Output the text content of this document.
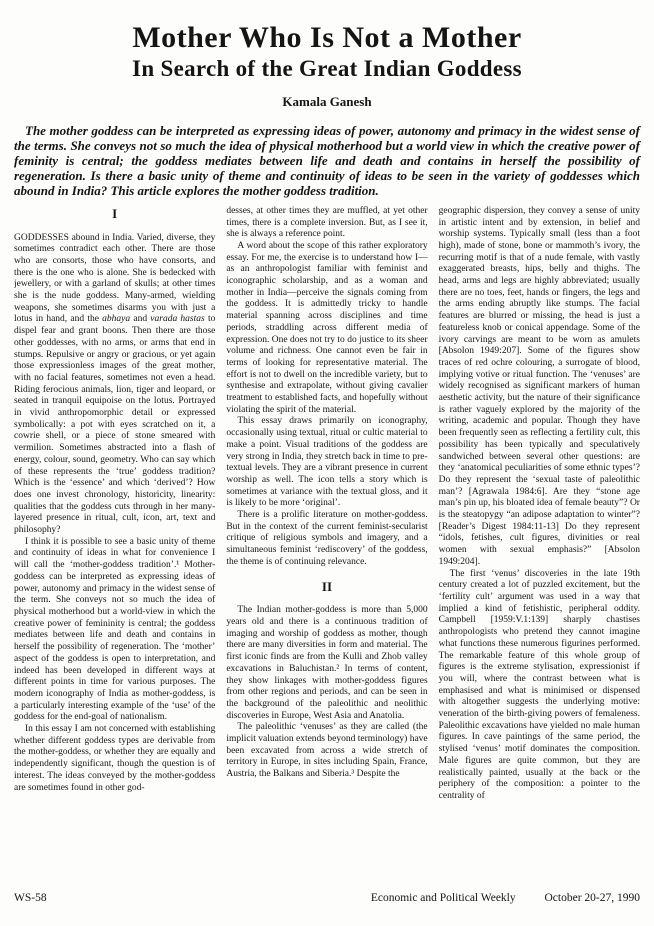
Mother Who Is Not a Mother
In Search of the Great Indian Goddess
Kamala Ganesh

The mother goddess can be interpreted as expressing ideas of power, autonomy and primacy in the widest sense of the terms. She conveys not so much the idea of physical motherhood but a world view in which the creative power of feminity is central; the goddess mediates between life and death and contains in herself the possibility of regeneration. Is there a basic unity of theme and continuity of ideas to be seen in the variety of goddesses which abound in India? This article explores the mother goddess tradition.

I

GODDESSES abound in India. Varied, diverse, they sometimes contradict each other. There are those who are consorts, those who have consorts, and there is the one who is alone. She is bedecked with jewellery, or with a garland of skulls; at other times she is the nude goddess. Many-armed, wielding weapons, she sometimes disarms you with just a lotus in hand, and the abhaya and varada hastas to dispel fear and grant boons. Then there are those other goddesses, with no arms, or arms that end in stumps. Repulsive or angry or gracious, or yet again those expressionless images of the great mother, with no facial features, sometimes not even a head. Riding ferocious animals, lion, tiger and leopard, or seated in tranquil equipoise on the lotus. Portrayed in vivid anthropomorphic detail or expressed symbolically: a pot with eyes scratched on it, a cowrie shell, or a piece of stone smeared with vermilion. Sometimes abstracted into a flash of energy, colour, sound, geometry. Who can say which of these represents the ‘true’ goddess tradition? Which is the ‘essence’ and which ‘derived’? How does one invest chronology, historicity, linearity: qualities that the goddess cuts through in her many-layered presence in ritual, cult, icon, art, text and philosophy?

I think it is possible to see a basic unity of theme and continuity of ideas in what for convenience I will call the ‘mother-goddess tradition’.¹ Mother-goddess can be interpreted as expressing ideas of power, autonomy and primacy in the widest sense of the term. She conveys not so much the idea of physical motherhood but a world-view in which the creative power of femininity is central; the goddess mediates between life and death and contains in herself the possibility of regeneration. The ‘mother’ aspect of the goddess is open to interpretation, and indeed has been developed in different ways at different points in time for various purposes. The modern iconography of India as mother-goddess, is a particularly interesting example of the ‘use’ of the goddess for the end-goal of nationalism.

In this essay I am not concerned with establishing whether different goddess types are derivable from the mother-goddess, or whether they are equally and independently significant, though the question is of interest. The ideas conveyed by the mother-goddess are sometimes found in other god-

desses, at other times they are muffled, at yet other times, there is a complete inversion. But, as I see it, she is always a reference point.

A word about the scope of this rather exploratory essay. For me, the exercise is to understand how I—as an anthropologist familiar with feminist and iconographic scholarship, and as a woman and mother in India—perceive the signals coming from the goddess. It is admittedly tricky to handle material spanning across disciplines and time periods, straddling across different media of expression. One does not try to do justice to its sheer volume and richness. One cannot even be fair in terms of looking for representative material. The effort is not to dwell on the incredible variety, but to synthesise and extrapolate, without giving cavalier treatment to established facts, and hopefully without violating the spirit of the material.

This essay draws primarily on iconography, occasionally using textual, ritual or cultic material to make a point. Visual traditions of the goddess are very strong in India, they stretch back in time to pre-textual levels. They are a vibrant presence in current worship as well. The icon tells a story which is sometimes at variance with the textual gloss, and it is likely to be more ‘original’.

There is a prolific literature on mother-goddess. But in the context of the current feminist-secularist critique of religious symbols and imagery, and a simultaneous feminist ‘rediscovery’ of the goddess, the theme is of continuing relevance.

II

The Indian mother-goddess is more than 5,000 years old and there is a continuous tradition of imaging and worship of goddess as mother, though there are many diversities in form and material. The first iconic finds are from the Kulli and Zhob valley excavations in Baluchistan.² In terms of content, they show linkages with mother-goddess figures from other regions and periods, and can be seen in the background of the paleolithic and neolithic discoveries in Europe, West Asia and Anatolia.

The paleolithic ‘venuses’ as they are called (the implicit valuation extends beyond terminology) have been excavated from across a wide stretch of territory in Europe, in sites including Spain, France, Austria, the Balkans and Siberia.³ Despite the

geographic dispersion, they convey a sense of unity in artistic intent and by extension, in belief and worship systems. Typically small (less than a foot high), made of stone, bone or mammoth’s ivory, the recurring motif is that of a nude female, with vastly exaggerated breasts, hips, belly and thighs. The head, arms and legs are highly abbreviated; usually there are no toes, feet, hands or fingers, the legs and the arms ending abruptly like stumps. The facial features are blurred or missing, the head is just a featureless knob or conical appendage. Some of the ivory carvings are meant to be worn as amulets [Absolon 1949:207]. Some of the figures show traces of red ochre colouring, a surrogate of blood, implying votive or ritual function. The ‘venuses’ are widely recognised as significant markers of human aesthetic activity, but the nature of their significance is rather vaguely explored by the majority of the writing, academic and popular. Though they have been frequently seen as reflecting a fertility cult, this possibility has been typically and speculatively sandwiched between several other questions: are they ‘anatomical peculiarities of some ethnic types’? Do they represent the ‘sexual taste of paleolithic man’? [Agrawala 1984:6]. Are they “stone age man’s pin up, his bloated idea of female beauty”? Or is the steatopygy “an adipose adaptation to winter”? [Reader’s Digest 1984:11-13] Do they represent “idols, fetishes, cult figures, divinities or real women with sexual emphasis?” [Absolon 1949:204].

The first ‘venus’ discoveries in the late 19th century created a lot of puzzled excitement, but the ‘fertility cult’ argument was used in a way that implied a kind of fetishistic, peripheral oddity. Campbell [1959:V.1:139] sharply chastises anthropologists who pretend they cannot imagine what functions these numerous figurines performed. The remarkable feature of this whole group of figures is the extreme stylisation, expressionist if you will, where the contrast between what is emphasised and what is minimised or dispensed with altogether suggests the underlying motive: veneration of the birth-giving powers of femaleness. Paleolithic excavations have yielded no male human figures. In cave paintings of the same period, the stylised ‘venus’ motif dominates the composition. Male figures are quite common, but they are realistically painted, usually at the back or the periphery of the composition: a pointer to the centrality of

WS-58	Economic and Political Weekly	October 20-27, 1990
